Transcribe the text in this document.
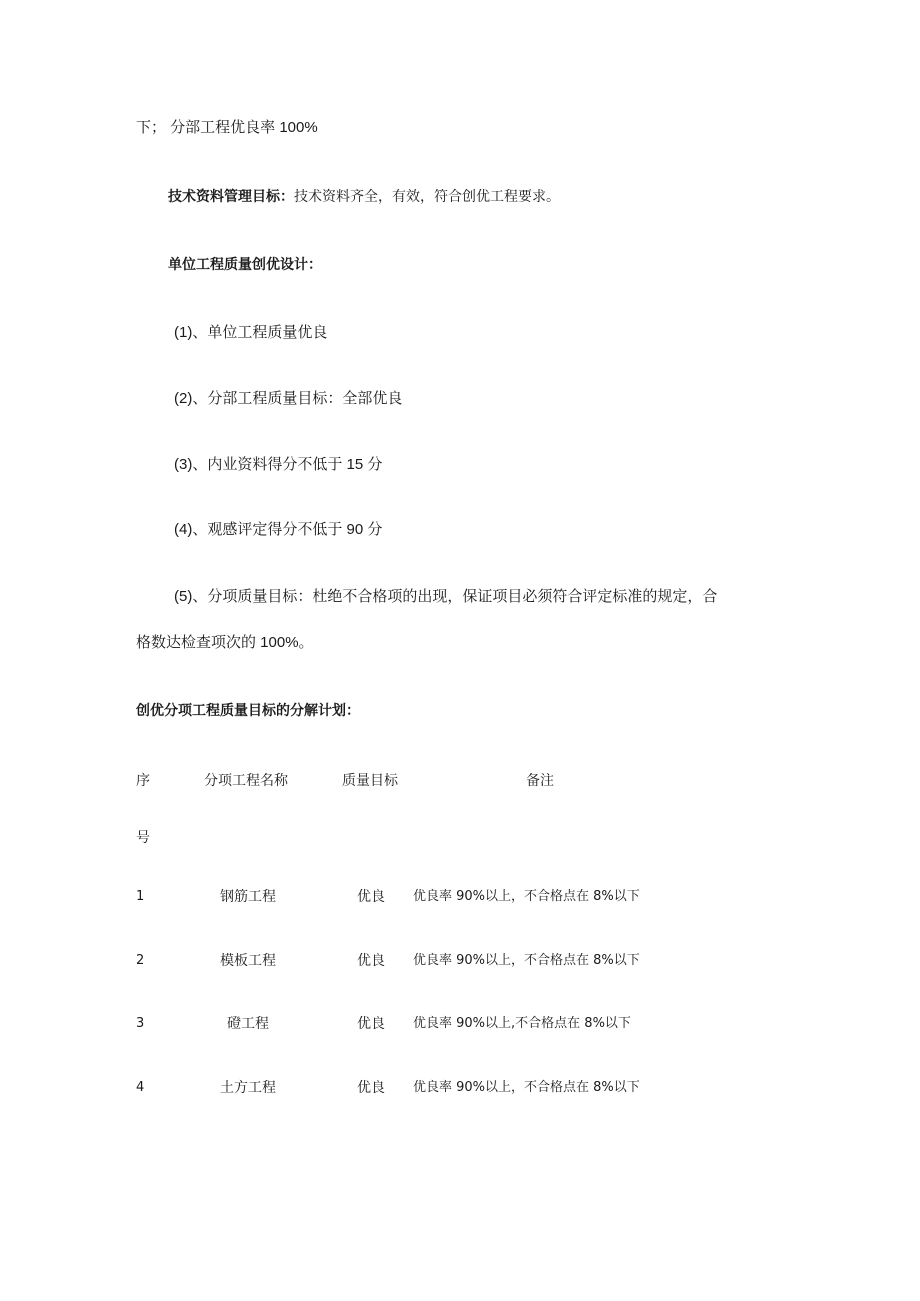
下； 分部工程优良率 100%
技术资料管理目标：技术资料齐全，有效，符合创优工程要求。
单位工程质量创优设计：
(1)、单位工程质量优良
(2)、分部工程质量目标：全部优良
(3)、内业资料得分不低于 15 分
(4)、观感评定得分不低于 90 分
(5)、分项质量目标：杜绝不合格项的出现，保证项目必须符合评定标准的规定，合
格数达检查项次的 100%。
创优分项工程质量目标的分解计划：
序	分项工程名称	质量目标	备注
号
1	钢筋工程	优良 优良率 90%以上，不合格点在 8%以下
2	模板工程	优良 优良率 90%以上，不合格点在 8%以下
3	磴工程	优良 优良率 90%以上,不合格点在 8%以下
4	土方工程	优良 优良率 90%以上，不合格点在 8%以下
